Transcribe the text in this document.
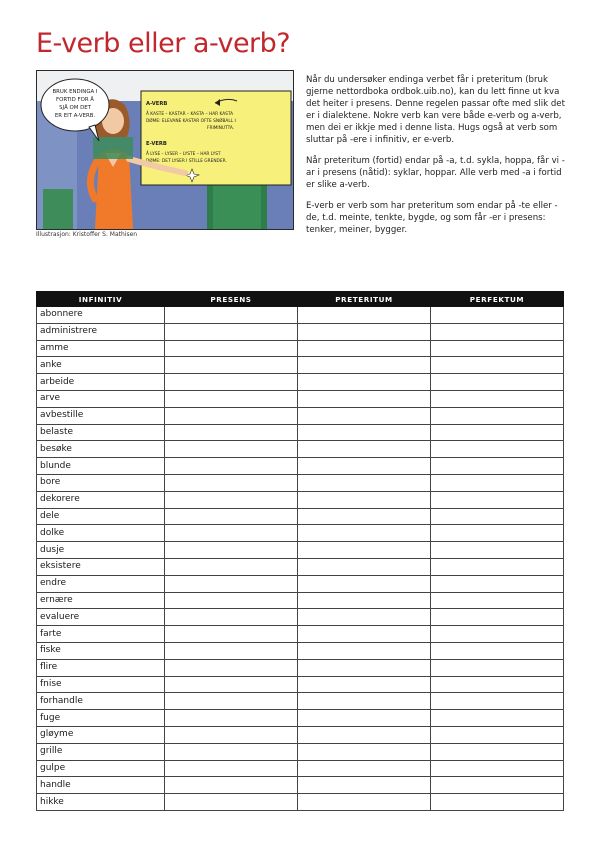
E-verb eller a-verb?
A-VERB
Å KASTE – KASTAR – KASTA – HAR KASTA
DØME: ELEVANE KASTAR OFTE SNØBALL I
FRIMINUTTA.
E-VERB
Å LYSE – LYSER – LYSTE – HAR LYST
DØME: DET LYSER I STILLE GRENDER.
BRUK ENDINGA I
FORTID FOR Å
SJÅ OM DET
ER EIT A-VERB.
Illustrasjon: Kristoffer S. Mathisen

Når du undersøker endinga verbet får i preteritum (bruk gjerne nettordboka ordbok.uib.no), kan du lett finne ut kva det heiter i presens. Denne regelen passar ofte med slik det er i dialektene. Nokre verb kan vere både e-verb og a-verb, men dei er ikkje med i denne lista. Hugs også at verb som sluttar på -ere i infinitiv, er e-verb.

Når preteritum (fortid) endar på -a, t.d. sykla, hoppa, får vi -ar i presens (nåtid): syklar, hoppar. Alle verb med -a i fortid er slike a-verb.

E-verb er verb som har preteritum som endar på -te eller -de, t.d. meinte, tenkte, bygde, og som får -er i presens: tenker, meiner, bygger.

INFINITIV	PRESENS	PRETERITUM	PERFEKTUM
abonnere			
administrere			
amme			
anke			
arbeide			
arve			
avbestille			
belaste			
besøke			
blunde			
bore			
dekorere			
dele			
dolke			
dusje			
eksistere			
endre			
ernære			
evaluere			
farte			
fiske			
flire			
fnise			
forhandle			
fuge			
gløyme			
grille			
gulpe			
handle			
hikke			
